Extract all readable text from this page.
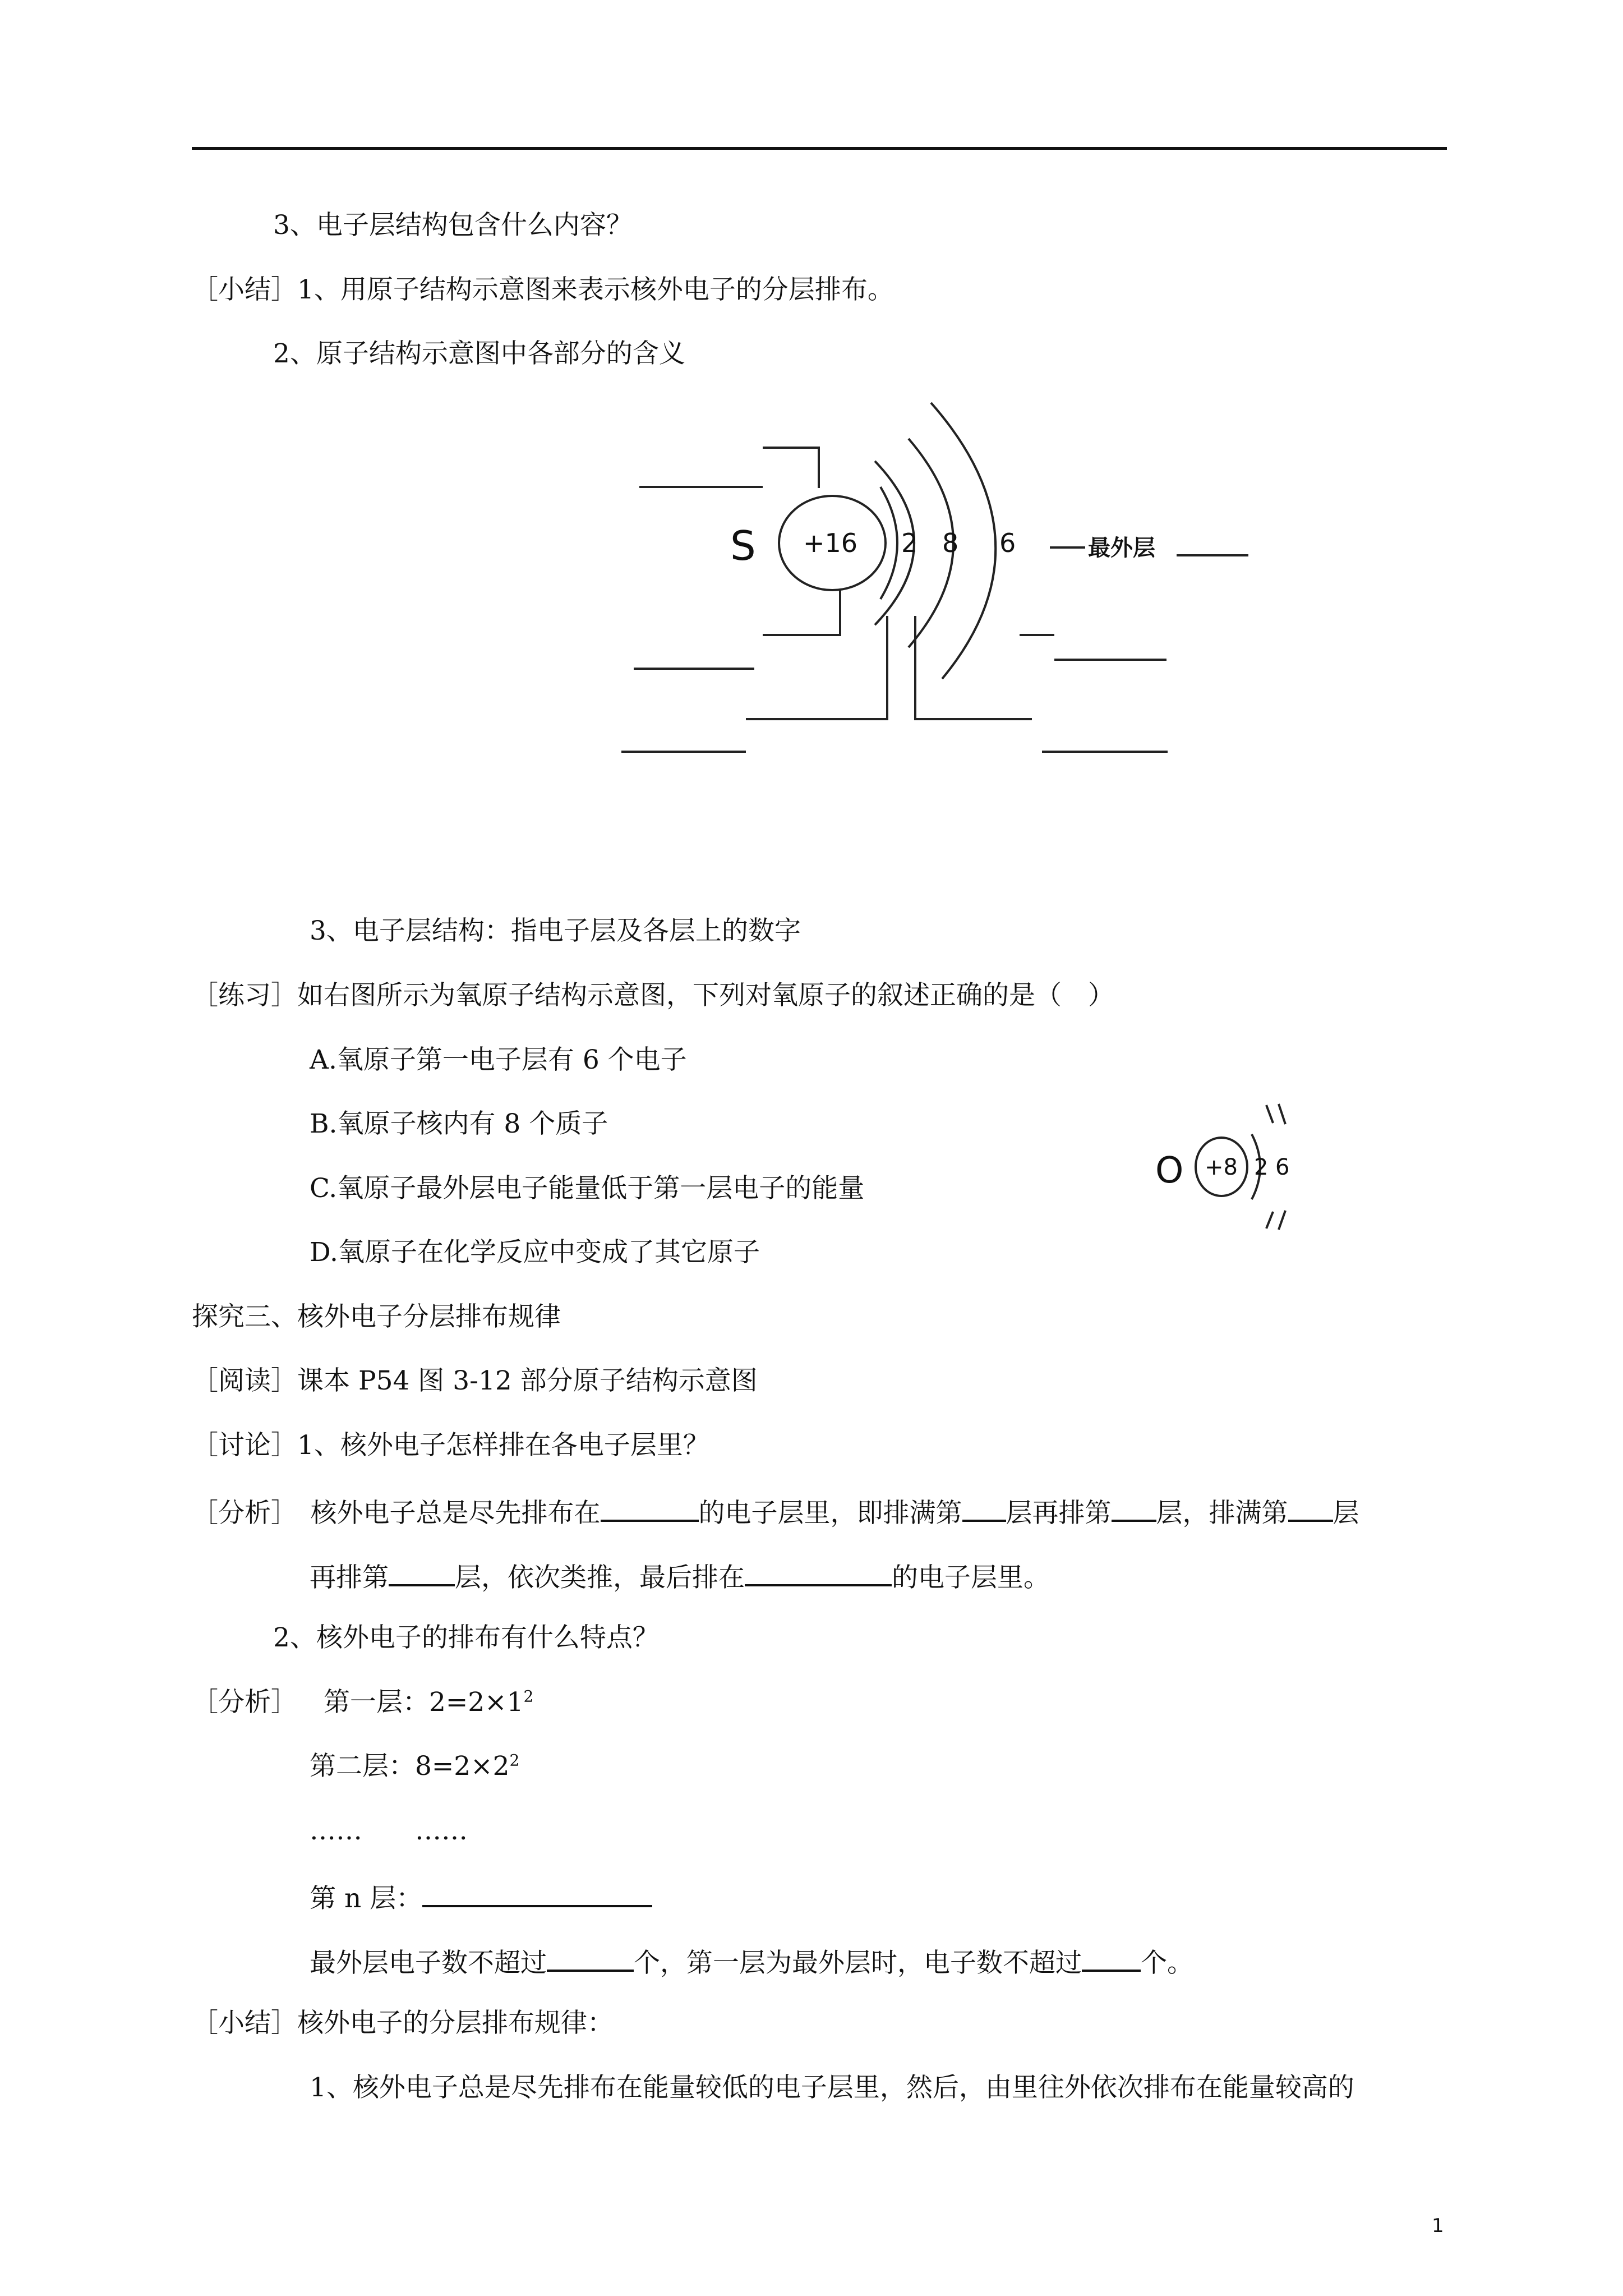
3、电子层结构包含什么内容？
［小结］1、用原子结构示意图来表示核外电子的分层排布。
2、原子结构示意图中各部分的含义
S +16 2 8 6	最外层
3、电子层结构：指电子层及各层上的数字
［练习］如右图所示为氧原子结构示意图，下列对氧原子的叙述正确的是（　）
A.氧原子第一电子层有 6 个电子
B.氧原子核内有 8 个质子
C.氧原子最外层电子能量低于第一层电子的能量
D.氧原子在化学反应中变成了其它原子
O +8 2 6
探究三、核外电子分层排布规律
［阅读］课本 P54 图 3-12 部分原子结构示意图
［讨论］1、核外电子怎样排在各电子层里？
［分析］　核外电子总是尽先排布在	的电子层里，即排满第 层再排第 层，排满第 层
再排第	层，依次类推，最后排在	的电子层里。
2、核外电子的排布有什么特点？
［分析］ 第一层：$2=2\times 1^2$
第二层：$8=2\times 2^2$
……　　……
第 n 层：
最外层电子数不超过	个，第一层为最外层时，电子数不超过 个。
［小结］核外电子的分层排布规律：
1、核外电子总是尽先排布在能量较低的电子层里，然后，由里往外依次排布在能量较高的
1
